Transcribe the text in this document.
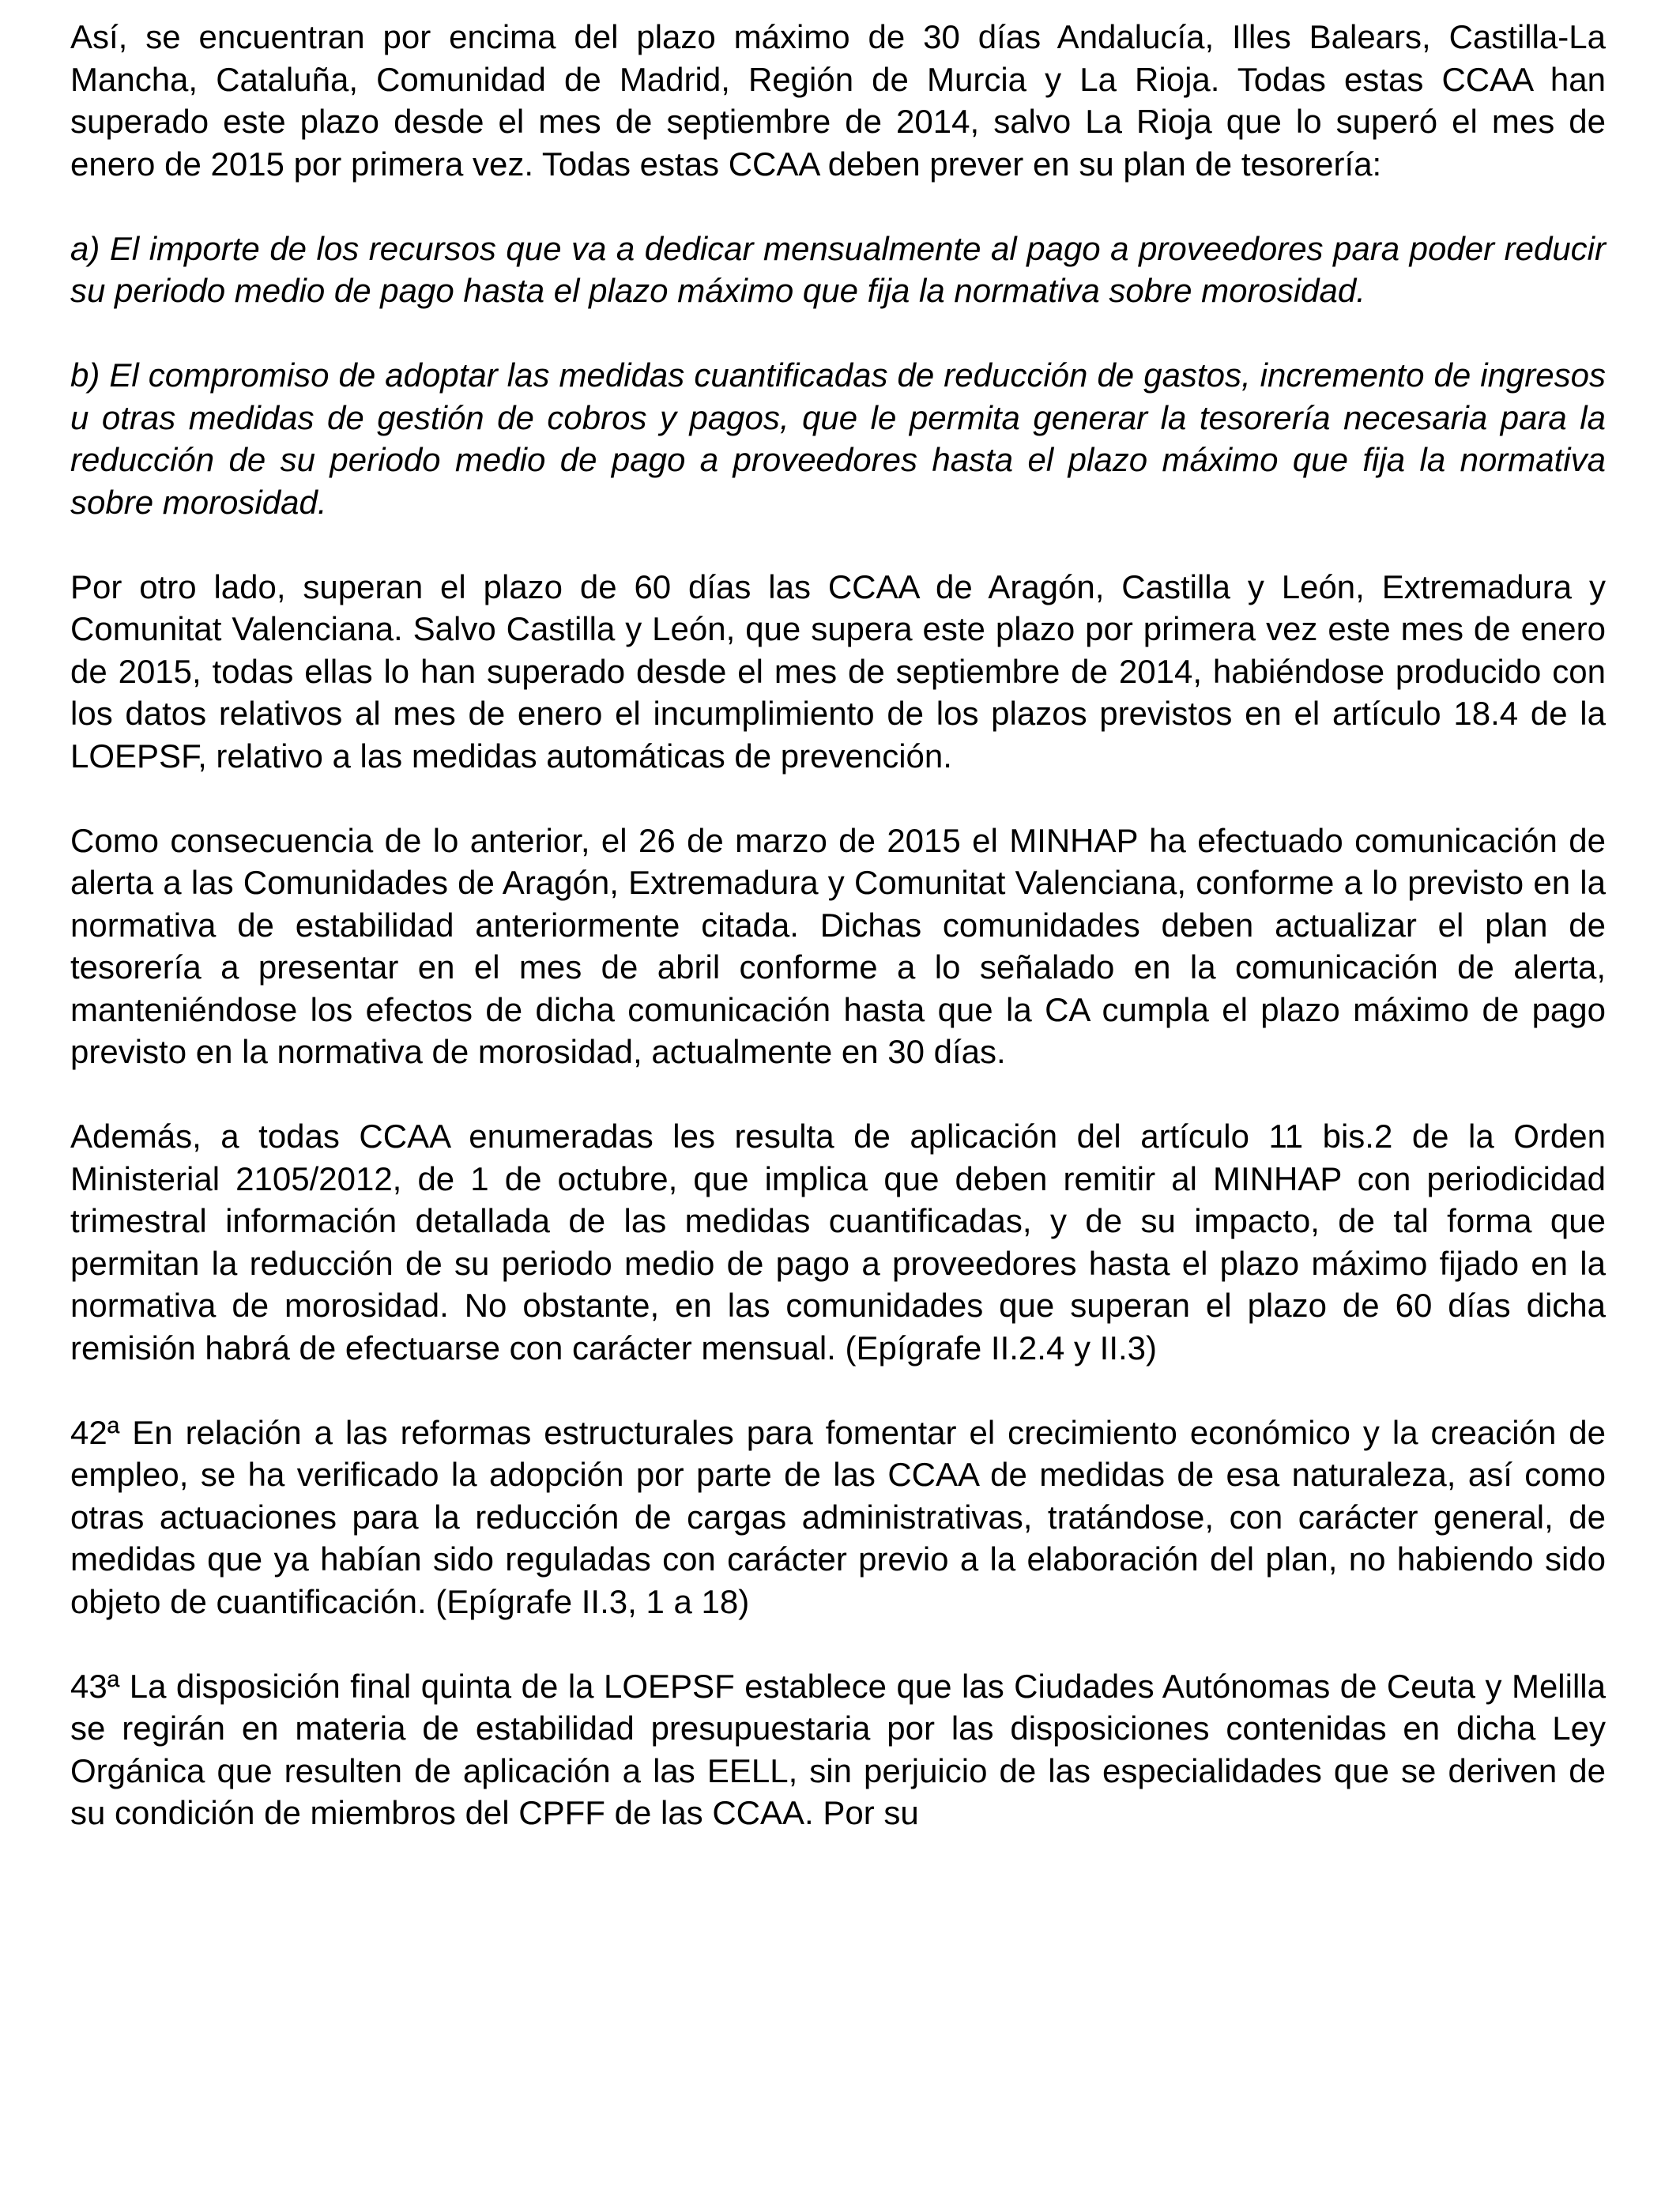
Así, se encuentran por encima del plazo máximo de 30 días Andalucía, Illes Balears, Castilla-La Mancha, Cataluña, Comunidad de Madrid, Región de Murcia y La Rioja. Todas estas CCAA han superado este plazo desde el mes de septiembre de 2014, salvo La Rioja que lo superó el mes de enero de 2015 por primera vez. Todas estas CCAA deben prever en su plan de tesorería:

a) El importe de los recursos que va a dedicar mensualmente al pago a proveedores para poder reducir su periodo medio de pago hasta el plazo máximo que fija la normativa sobre morosidad.

b) El compromiso de adoptar las medidas cuantificadas de reducción de gastos, incremento de ingresos u otras medidas de gestión de cobros y pagos, que le permita generar la tesorería necesaria para la reducción de su periodo medio de pago a proveedores hasta el plazo máximo que fija la normativa sobre morosidad.

Por otro lado, superan el plazo de 60 días las CCAA de Aragón, Castilla y León, Extremadura y Comunitat Valenciana. Salvo Castilla y León, que supera este plazo por primera vez este mes de enero de 2015, todas ellas lo han superado desde el mes de septiembre de 2014, habiéndose producido con los datos relativos al mes de enero el incumplimiento de los plazos previstos en el artículo 18.4 de la LOEPSF, relativo a las medidas automáticas de prevención.

Como consecuencia de lo anterior, el 26 de marzo de 2015 el MINHAP ha efectuado comunicación de alerta a las Comunidades de Aragón, Extremadura y Comunitat Valenciana, conforme a lo previsto en la normativa de estabilidad anteriormente citada. Dichas comunidades deben actualizar el plan de tesorería a presentar en el mes de abril conforme a lo señalado en la comunicación de alerta, manteniéndose los efectos de dicha comunicación hasta que la CA cumpla el plazo máximo de pago previsto en la normativa de morosidad, actualmente en 30 días.

Además, a todas CCAA enumeradas les resulta de aplicación del artículo 11 bis.2 de la Orden Ministerial 2105/2012, de 1 de octubre, que implica que deben remitir al MINHAP con periodicidad trimestral información detallada de las medidas cuantificadas, y de su impacto, de tal forma que permitan la reducción de su periodo medio de pago a proveedores hasta el plazo máximo fijado en la normativa de morosidad. No obstante, en las comunidades que superan el plazo de 60 días dicha remisión habrá de efectuarse con carácter mensual. (Epígrafe II.2.4 y II.3)

42ª En relación a las reformas estructurales para fomentar el crecimiento económico y la creación de empleo, se ha verificado la adopción por parte de las CCAA de medidas de esa naturaleza, así como otras actuaciones para la reducción de cargas administrativas, tratándose, con carácter general, de medidas que ya habían sido reguladas con carácter previo a la elaboración del plan, no habiendo sido objeto de cuantificación. (Epígrafe II.3, 1 a 18)

43ª La disposición final quinta de la LOEPSF establece que las Ciudades Autónomas de Ceuta y Melilla se regirán en materia de estabilidad presupuestaria por las disposiciones contenidas en dicha Ley Orgánica que resulten de aplicación a las EELL, sin perjuicio de las especialidades que se deriven de su condición de miembros del CPFF de las CCAA. Por su
